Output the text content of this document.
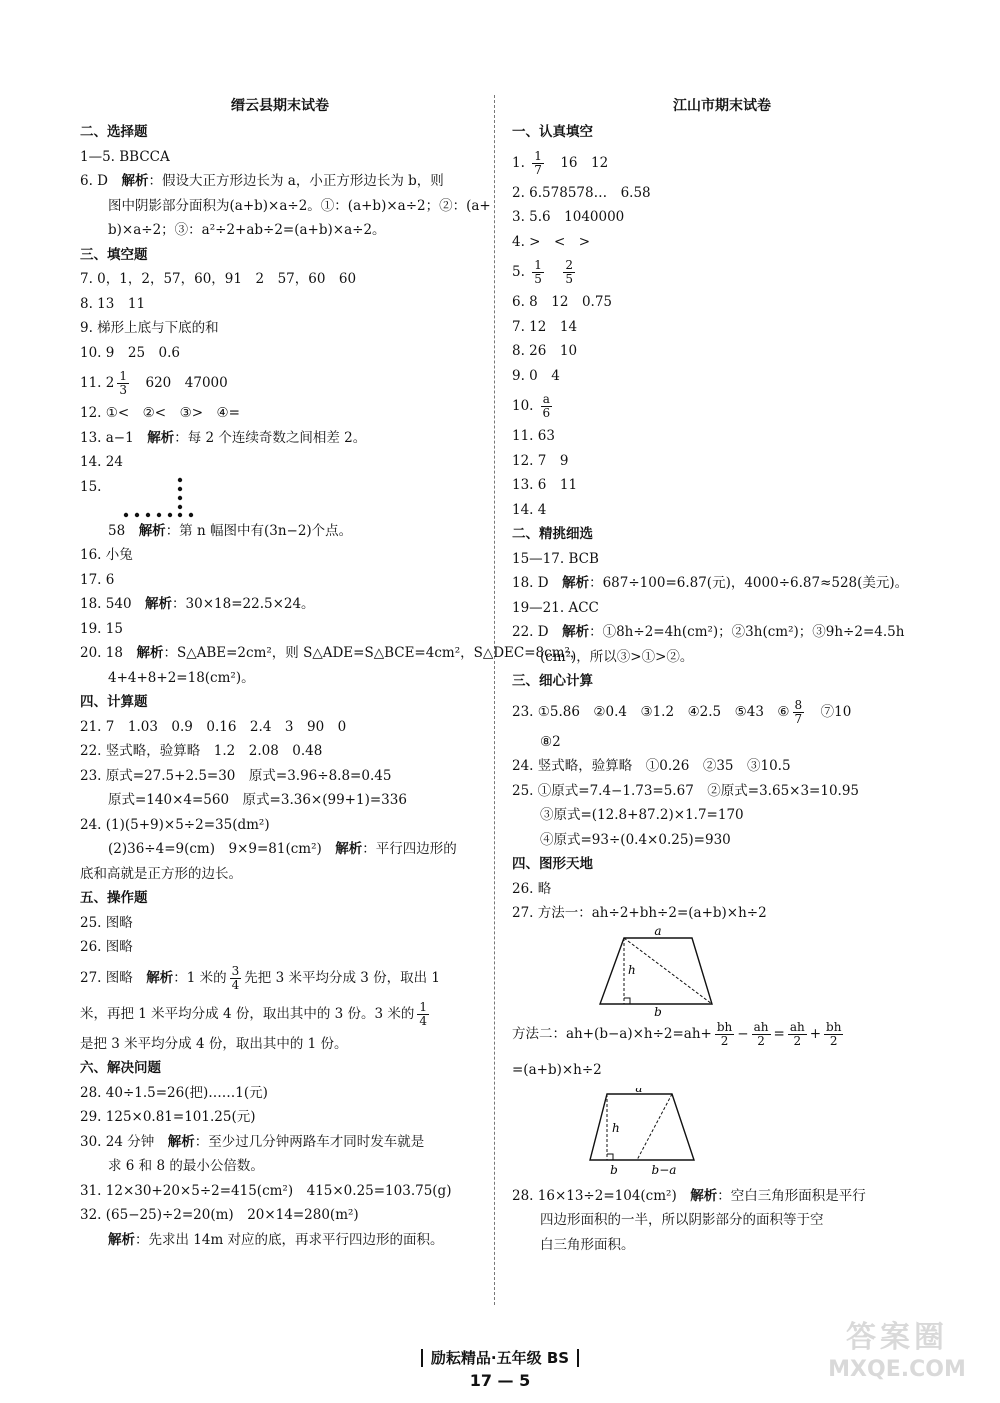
缙云县期末试卷
二、选择题
1—5. BBCCA
6. D　 解析：假设大正方形边长为 a，小正方形边长为 b，则
图中阴影部分面积为(a+b)×a÷2。①：(a+b)×a÷2；②：(a+
b)×a÷2；③：a²÷2+ab÷2=(a+b)×a÷2。
三、填空题
7. 0，1，2，57，60，91　2　57，60　60
8. 13　11
9. 梯形上底与下底的和
10. 9　25　0.6
11. $2 \frac{1}{3}$ 　620　47000
12. ①<　②<　③>　④=
13. a−1　解析：每 2 个连续奇数之间相差 2。
14. 24
15.
58　解析：第 n 幅图中有(3n−2)个点。
16. 小兔
17. 6
18. 540　解析：30×18=22.5×24。
19. 15
20. 18　解析：S△ABE=2cm²，则 S△ADE=S△BCE=4cm²，S△DEC=8cm²，
4+4+8+2=18(cm²)。
四、计算题
21. 7　1.03　0.9　0.16　2.4　3　90　0
22. 竖式略，验算略　1.2　2.08　0.48
23. 原式=27.5+2.5=30　原式=3.96÷8.8=0.45
原式=140×4=560　原式=3.36×(99+1)=336
24. (1)(5+9)×5÷2=35(dm²)
(2)36÷4=9(cm)　9×9=81(cm²)　解析：平行四边形的
底和高就是正方形的边长。
五、操作题
25. 图略
26. 图略
27. 图略　解析：1 米的 $\frac{3}{4}$ 先把 3 米平均分成 3 份，取出 1
米，再把 1 米平均分成 4 份，取出其中的 3 份。3 米的 $\frac{1}{4}$
是把 3 米平均分成 4 份，取出其中的 1 份。
六、解决问题
28. 40÷1.5=26(把)……1(元)
29. 125×0.81=101.25(元)
30. 24 分钟　解析：至少过几分钟两路车才同时发车就是
求 6 和 8 的最小公倍数。
31. 12×30+20×5÷2=415(cm²)　415×0.25=103.75(g)
32. (65−25)÷2=20(m)　20×14=280(m²)
解析：先求出 14m 对应的底，再求平行四边形的面积。
江山市期末试卷
一、认真填空
1. $\frac{1}{7}$
　 16　12
2. 6.578578…　6.58
3. 5.6　1040000
4. >　<　>
5. $\frac{1}{5}$
　 $\frac{2}{5}$
6. 8　12　0.75
7. 12　14
8. 26　10
9. 0　4
10. $\frac{a}{6}$
11. 63
12. 7　9
13. 6　11
14. 4
二、精挑细选
15—17. BCB
18. D　解析：687÷100=6.87(元)，4000÷6.87≈528(美元)。
19—21. ACC
22. D　解析：①8h÷2=4h(cm²)；②3h(cm²)；③9h÷2=4.5h
(cm²)，所以③>①>②。
三、细心计算
23. ①5.86　②0.4　③1.2　④2.5　⑤43　⑥ $\frac{8}{7}$
　 ⑦10
⑧2
24. 竖式略，验算略　①0.26　②35　③10.5
25. ①原式=7.4−1.73=5.67　②原式=3.65×3=10.95
③原式=(12.8+87.2)×1.7=170
④原式=93÷(0.4×0.25)=930
四、图形天地
26. 略
27. 方法一：ah÷2+bh÷2=(a+b)×h÷2
a
b
h
方法二：$ah+(b-a)\times h\div 2=ah+ \frac{bh}{2} - \frac{ah}{2} = \frac{ah}{2} + \frac{bh}{2}$
=(a+b)×h÷2
a
b	b−a
h
28. 16×13÷2=104(cm²)　解析：空白三角形面积是平行
四边形面积的一半，所以阴影部分的面积等于空
白三角形面积。
励耘精品·五年级 BS
17 — 5
答案圈
MXQE.COM
